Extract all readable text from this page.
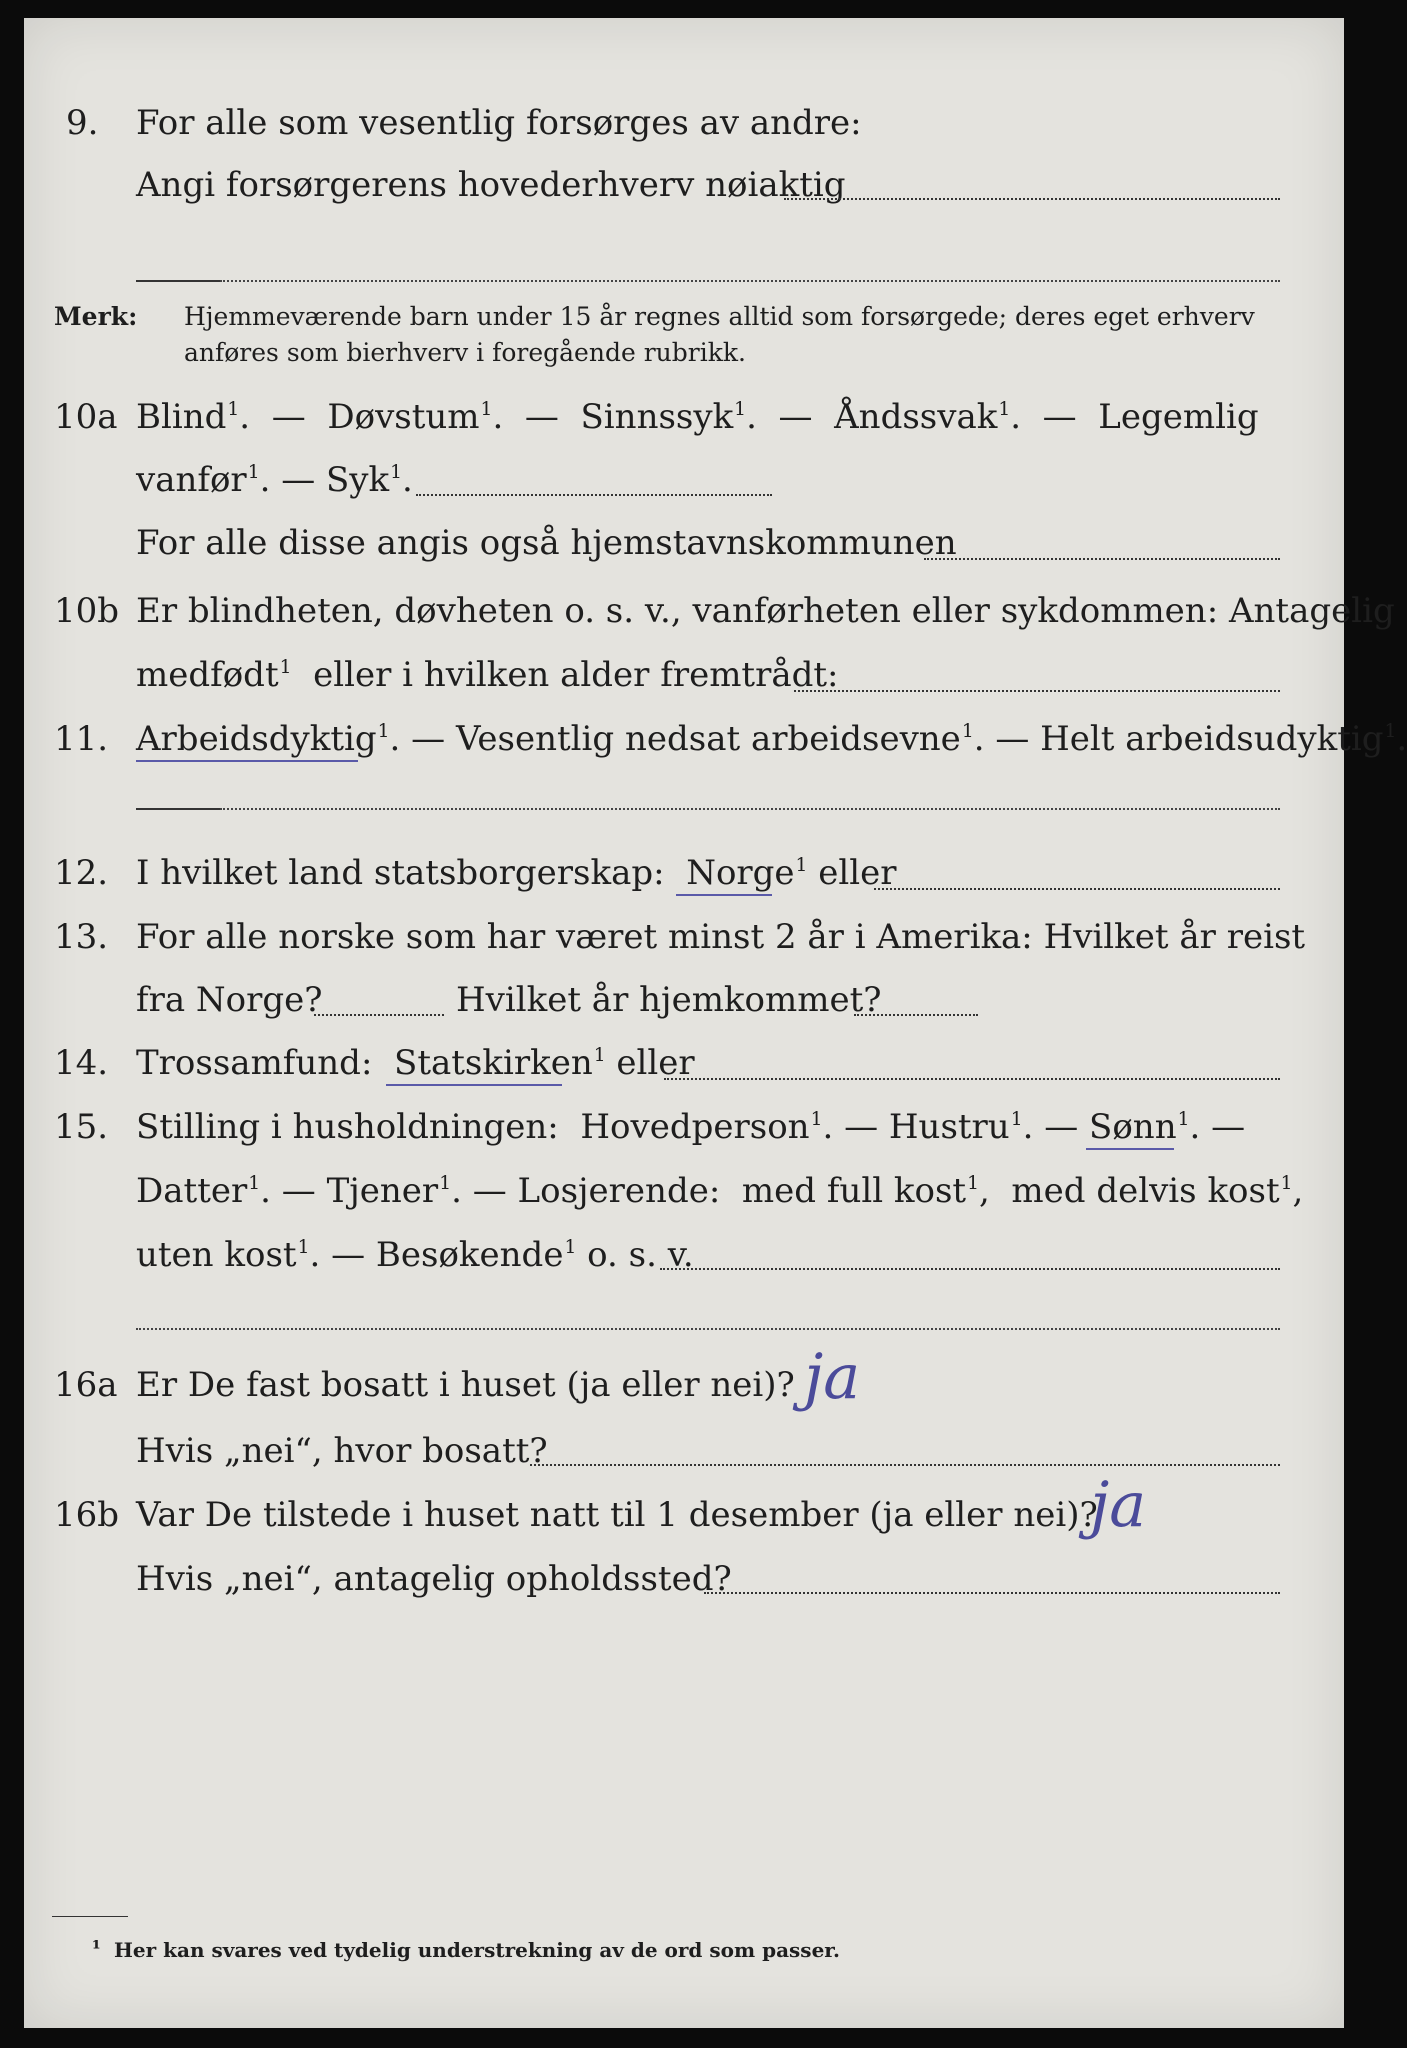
9. For alle som vesentlig forsørges av andre:
Angi forsørgerens hovederhverv nøiaktig
Merk: Hjemmeværende barn under 15 år regnes alltid som forsørgede; deres eget erhverv
anføres som bierhverv i foregående rubrikk.
10a Blind$^1$.  — Døvstum$^1$.  — Sinnssyk$^1$.  — Åndssvak$^1$.  — Legemlig
vanfør$^1$. — Syk$^1$.
For alle disse angis også hjemstavnskommunen
10b Er blindheten, døvheten o. s. v., vanførheten eller sykdommen: Antagelig
medfødt$^1$ eller i hvilken alder fremtrådt:
11. Arbeidsdyktig$^1$. — Vesentlig nedsat arbeidsevne$^1$. — Helt arbeidsudyktig$^1$.
12. I hvilket land statsborgerskap: Norge$^1$ eller
13. For alle norske som har været minst 2 år i Amerika: Hvilket år reist
fra Norge?	Hvilket år hjemkommet?
14. Trossamfund: Statskirken$^1$ eller
15. Stilling i husholdningen: Hovedperson$^1$. — Hustru$^1$. — Sønn$^1$. —
Datter$^1$. — Tjener$^1$. — Losjerende: med full kost$^1$,  med delvis kost$^1$,
uten kost$^1$. — Besøkende$^1$ o. s. v.
16a Er De fast bosatt i huset (ja eller nei)? ja
Hvis „nei“, hvor bosatt?
16b Var De tilstede i huset natt til 1 desember (ja eller nei)?
ja
Hvis „nei“, antagelig opholdssted?
¹ Her kan svares ved tydelig understrekning av de ord som passer.
